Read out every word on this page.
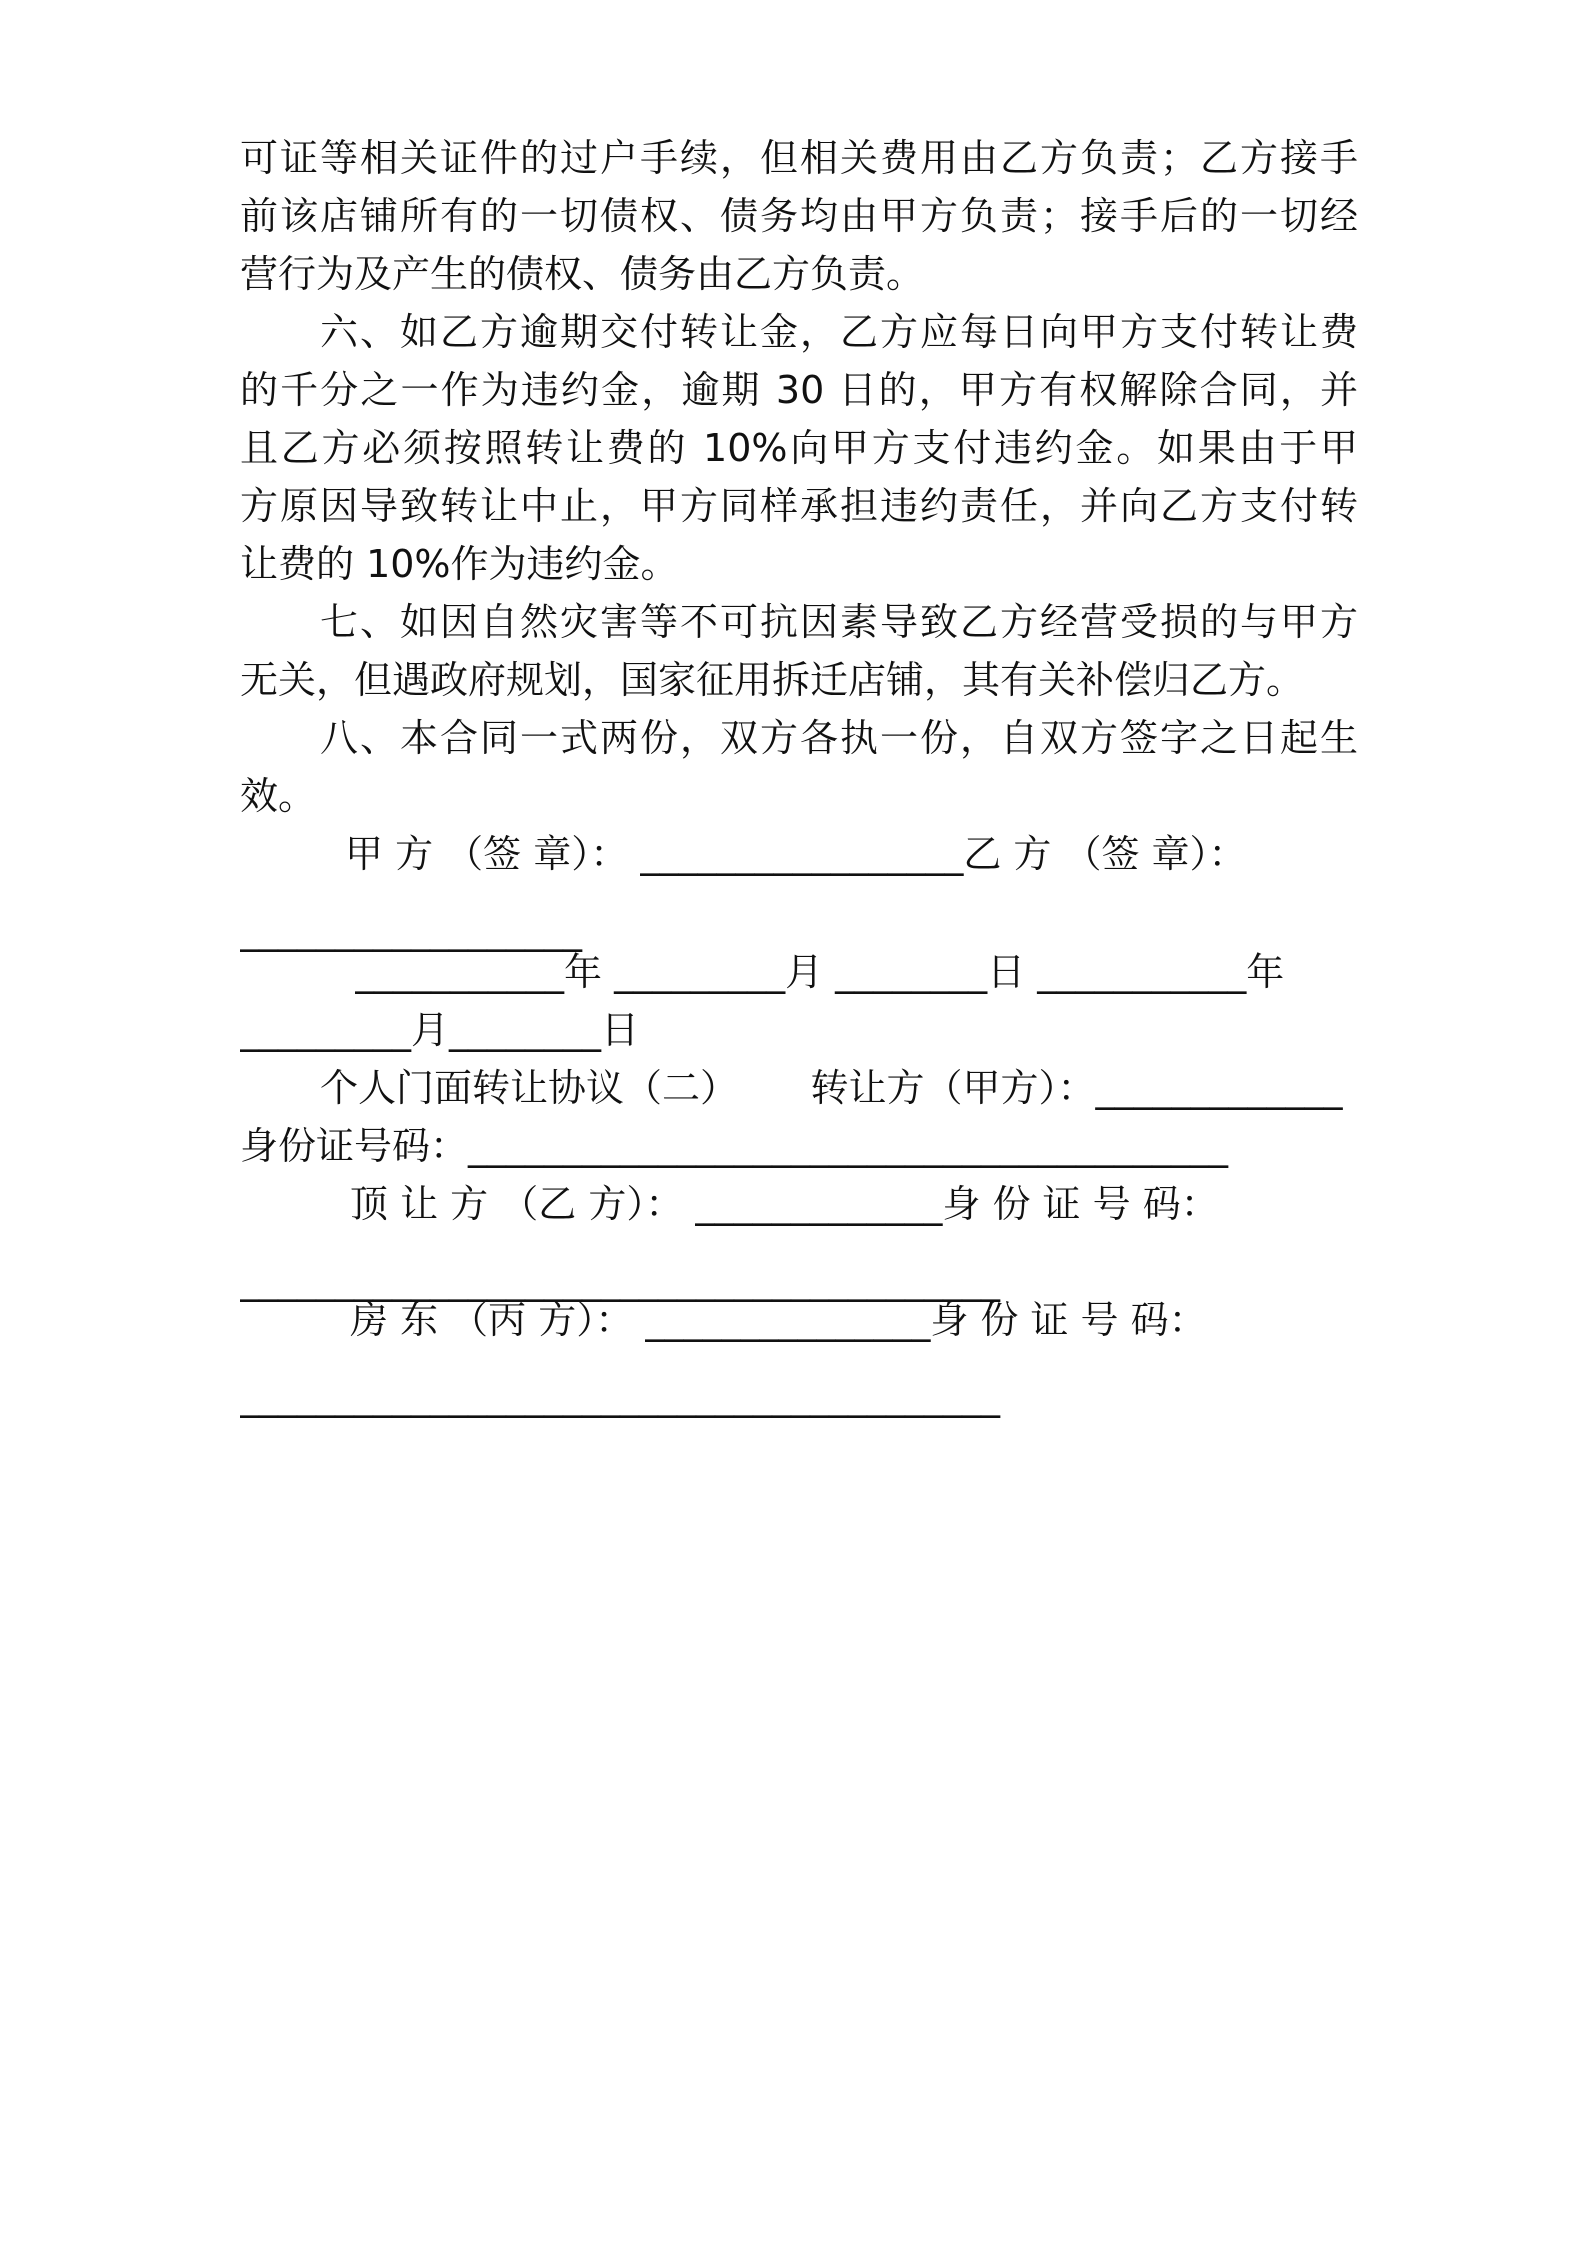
可证等相关证件的过户手续，但相关费用由乙方负责；乙方接手
前该店铺所有的一切债权、债务均由甲方负责；接手后的一切经
营行为及产生的债权、债务由乙方负责。
六、如乙方逾期交付转让金，乙方应每日向甲方支付转让费
的千分之一作为违约金，逾期 30 日的，甲方有权解除合同，并
且乙方必须按照转让费的 10%向甲方支付违约金。如果由于甲
方原因导致转让中止，甲方同样承担违约责任，并向乙方支付转
让费的 10%作为违约金。
七、如因自然灾害等不可抗因素导致乙方经营受损的与甲方
无关，但遇政府规划，国家征用拆迁店铺，其有关补偿归乙方。
八、本合同一式两份，双方各执一份，自双方签字之日起生
效。
甲 方 （签 章）： _________________乙 方 （签 章）：
__________________
___________年 _________月 ________日 ___________年
_________月________日
个人门面转让协议（二）      转让方（甲方）：_____________
身份证号码：________________________________________
顶 让 方 （乙 方）： _____________身 份 证 号 码：
________________________________________
房 东 （丙 方）： _______________身 份 证 号 码：
________________________________________
